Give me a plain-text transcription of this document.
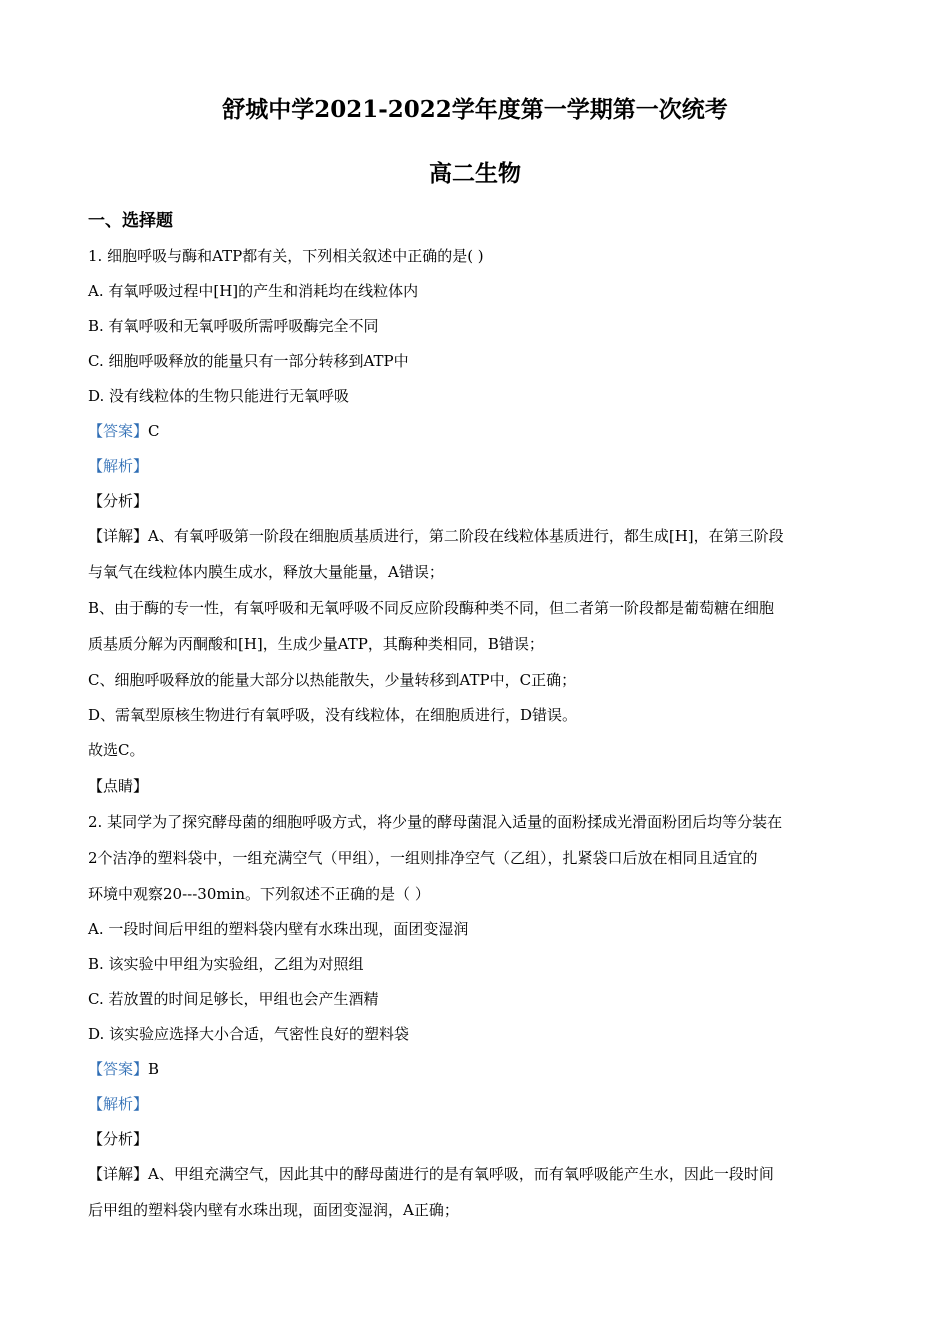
舒城中学2021-2022学年度第一学期第一次统考
高二生物
一、选择题
1. 细胞呼吸与酶和ATP都有关，下列相关叙述中正确的是( )
A. 有氧呼吸过程中[H]的产生和消耗均在线粒体内
B. 有氧呼吸和无氧呼吸所需呼吸酶完全不同
C. 细胞呼吸释放的能量只有一部分转移到ATP中
D. 没有线粒体的生物只能进行无氧呼吸
【答案】C
【解析】
【分析】
【详解】A、有氧呼吸第一阶段在细胞质基质进行，第二阶段在线粒体基质进行，都生成[H]，在第三阶段
与氧气在线粒体内膜生成水，释放大量能量，A错误；
B、由于酶的专一性，有氧呼吸和无氧呼吸不同反应阶段酶种类不同，但二者第一阶段都是葡萄糖在细胞
质基质分解为丙酮酸和[H]，生成少量ATP，其酶种类相同，B错误；
C、细胞呼吸释放的能量大部分以热能散失，少量转移到ATP中，C正确；
D、需氧型原核生物进行有氧呼吸，没有线粒体，在细胞质进行，D错误。
故选C。
【点睛】
2. 某同学为了探究酵母菌的细胞呼吸方式，将少量的酵母菌混入适量的面粉揉成光滑面粉团后均等分装在
2个洁净的塑料袋中，一组充满空气（甲组），一组则排净空气（乙组），扎紧袋口后放在相同且适宜的
环境中观察20---30min。下列叙述不正确的是（ ）
A. 一段时间后甲组的塑料袋内壁有水珠出现，面团变湿润
B. 该实验中甲组为实验组，乙组为对照组
C. 若放置的时间足够长，甲组也会产生酒精
D. 该实验应选择大小合适，气密性良好的塑料袋
【答案】B
【解析】
【分析】
【详解】A、甲组充满空气，因此其中的酵母菌进行的是有氧呼吸，而有氧呼吸能产生水，因此一段时间
后甲组的塑料袋内壁有水珠出现，面团变湿润，A正确；
